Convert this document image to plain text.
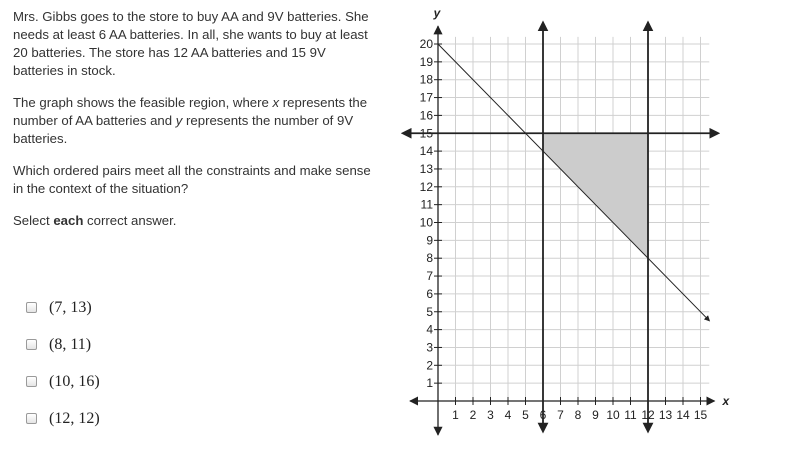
Mrs. Gibbs goes to the store to buy AA and 9V batteries. She needs at least 6 AA batteries. In all, she wants to buy at least 20 batteries. The store has 12 AA batteries and 15 9V batteries in stock.

The graph shows the feasible region, where x represents the number of AA batteries and y represents the number of 9V batteries.

Which ordered pairs meet all the constraints and make sense in the context of the situation?

Select each correct answer.

(7, 13)
(8, 11)
(10, 16)
(12, 12)	1 2 3 4 5 6 7 8 9 10 11 12 13 14 15
1
2
3
4
5
6
7
8
9
10
11
12
13
14
15
16
17
18
19
20
x
y
